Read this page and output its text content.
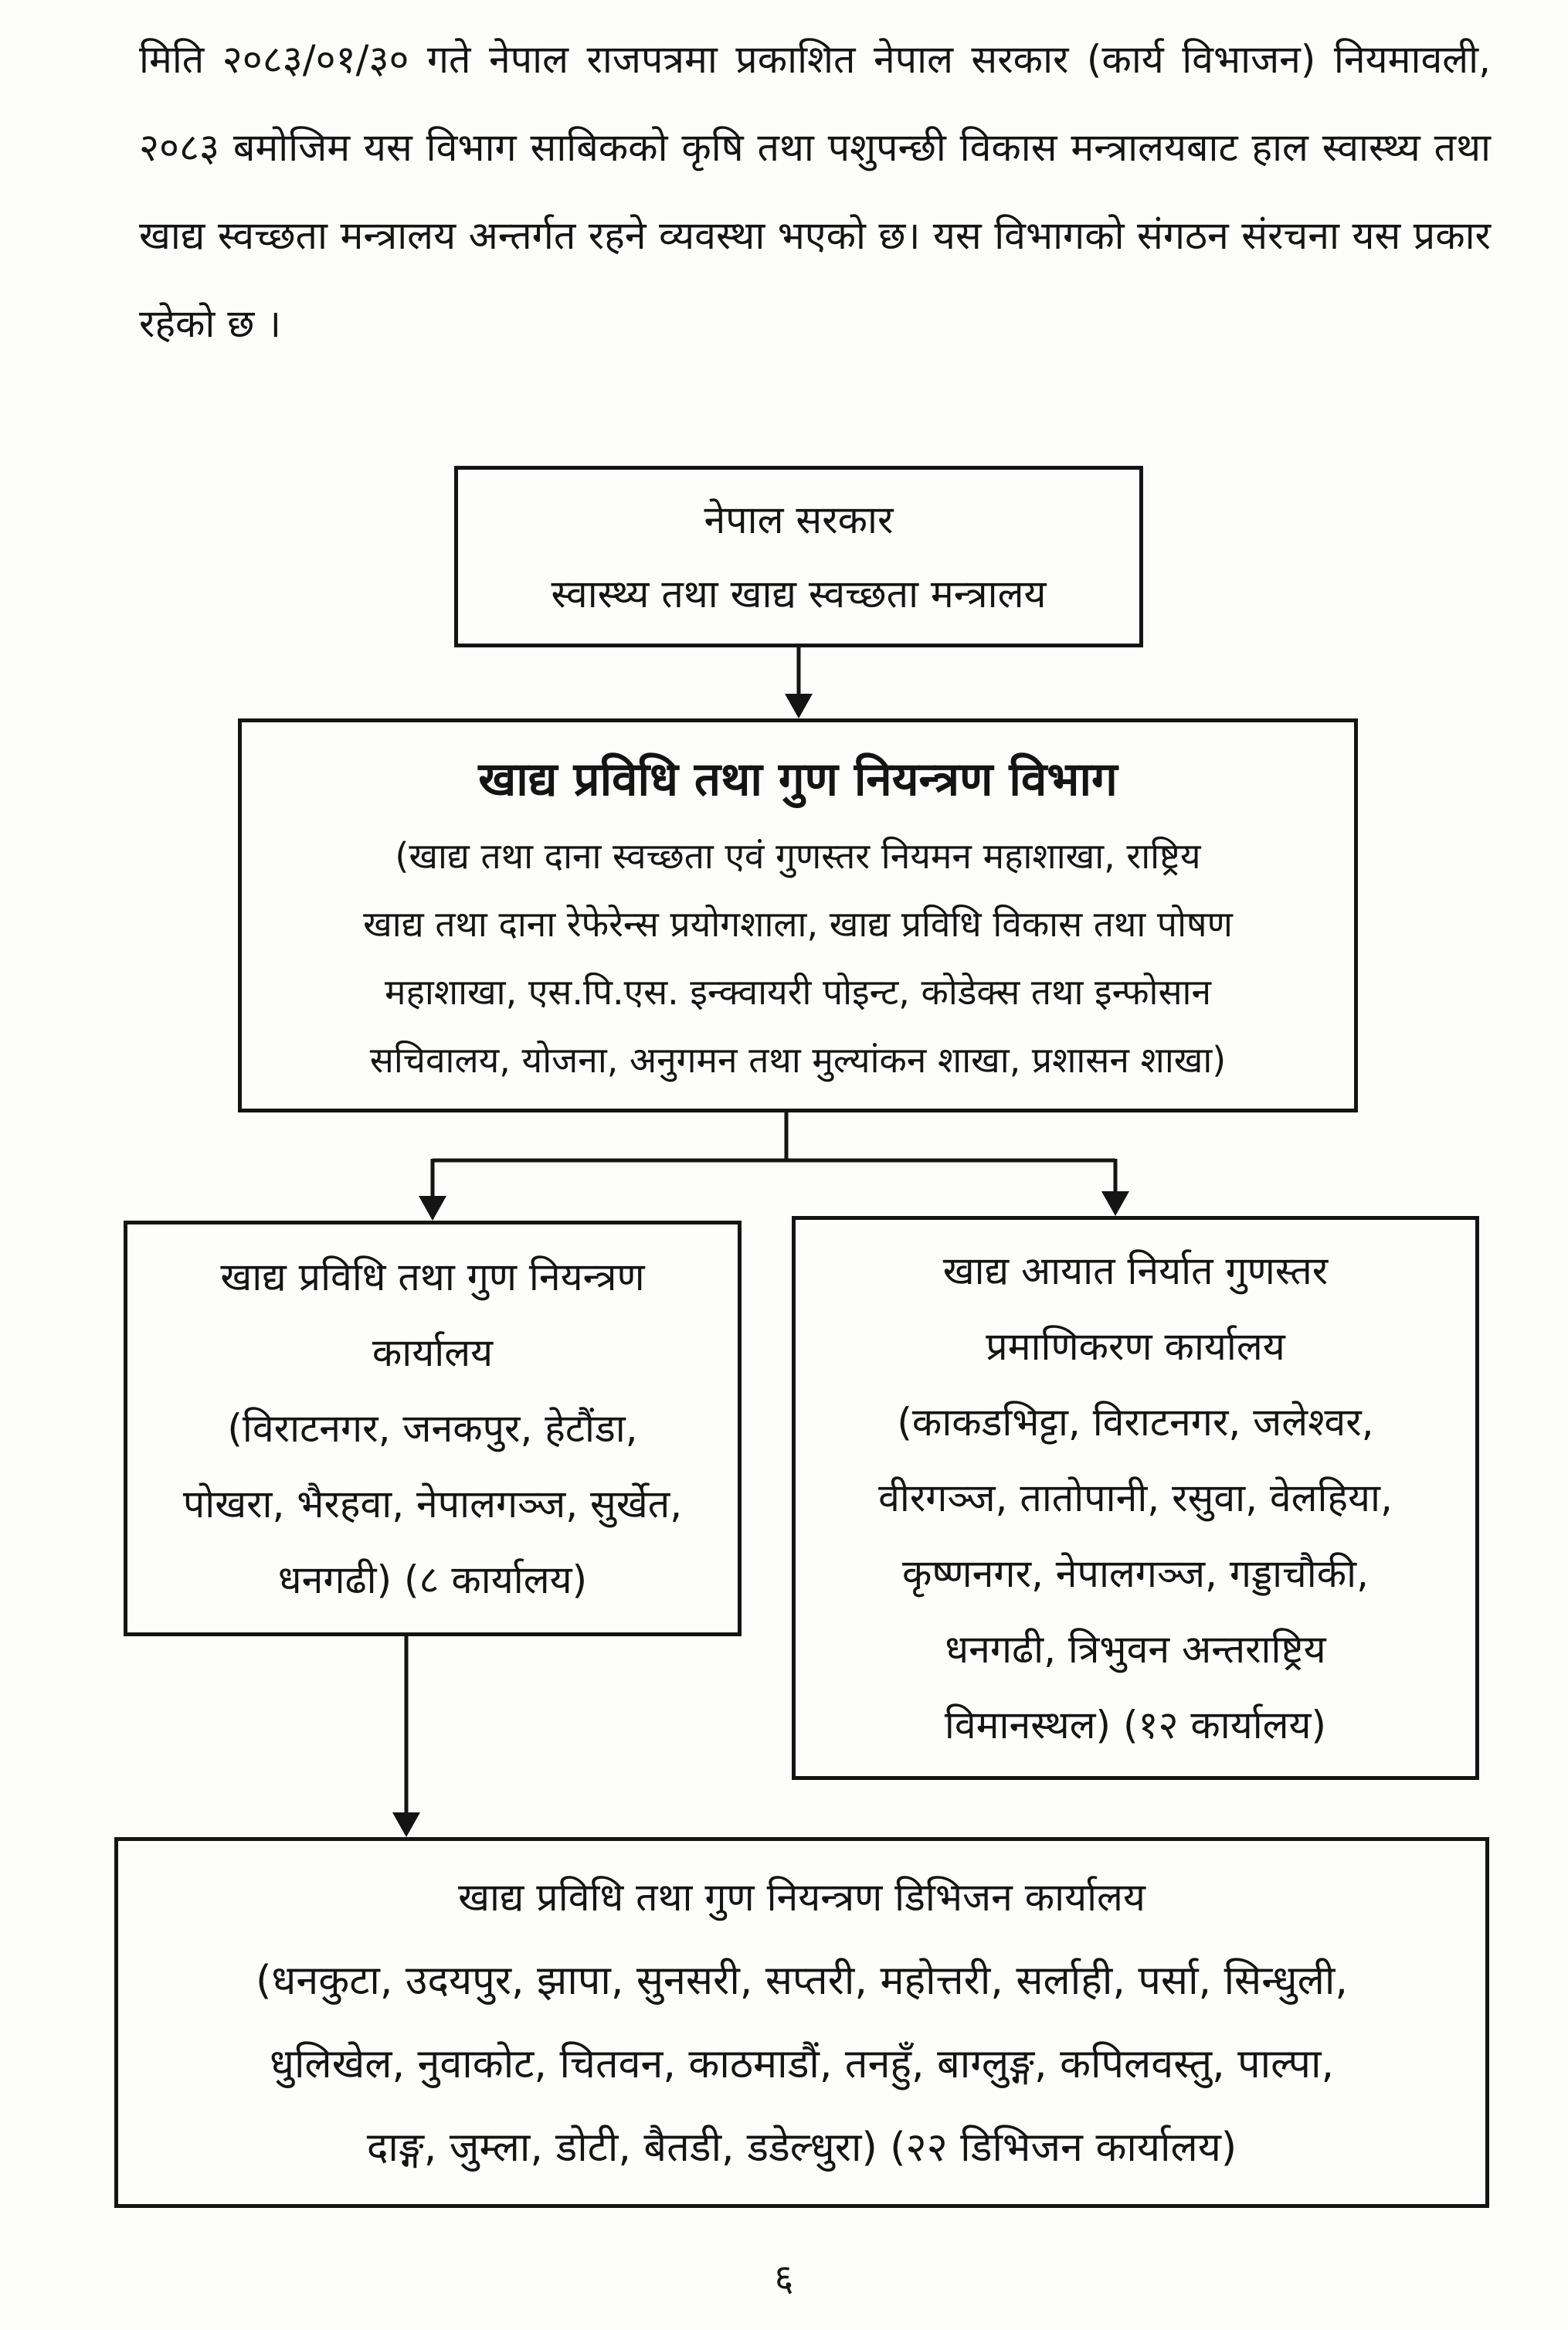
मिति २०८३/०१/३० गते नेपाल राजपत्रमा प्रकाशित नेपाल सरकार (कार्य विभाजन) नियमावली, २०८३ बमोजिम यस विभाग साबिकको कृषि तथा पशुपन्छी विकास मन्त्रालयबाट हाल स्वास्थ्य तथा खाद्य स्वच्छता मन्त्रालय अन्तर्गत रहने व्यवस्था भएको छ। यस विभागको संगठन संरचना यस प्रकार रहेको छ ।

नेपाल सरकार
स्वास्थ्य तथा खाद्य स्वच्छता मन्त्रालय
खाद्य प्रविधि तथा गुण नियन्त्रण विभाग
(खाद्य तथा दाना स्वच्छता एवं गुणस्तर नियमन महाशाखा, राष्ट्रिय
खाद्य तथा दाना रेफेरेन्स प्रयोगशाला, खाद्य प्रविधि विकास तथा पोषण
महाशाखा, एस.पि.एस. इन्क्वायरी पोइन्ट, कोडेक्स तथा इन्फोसान
सचिवालय, योजना, अनुगमन तथा मुल्यांकन शाखा, प्रशासन शाखा)
खाद्य प्रविधि तथा गुण नियन्त्रण
कार्यालय
(विराटनगर, जनकपुर, हेटौंडा,
पोखरा, भैरहवा, नेपालगञ्ज, सुर्खेत,
धनगढी) (८ कार्यालय)
खाद्य आयात निर्यात गुणस्तर
प्रमाणिकरण कार्यालय
(काकडभिट्टा, विराटनगर, जलेश्वर,
वीरगञ्ज, तातोपानी, रसुवा, वेलहिया,
कृष्णनगर, नेपालगञ्ज, गड्डाचौकी,
धनगढी, त्रिभुवन अन्तराष्ट्रिय
विमानस्थल) (१२ कार्यालय)
खाद्य प्रविधि तथा गुण नियन्त्रण डिभिजन कार्यालय
(धनकुटा, उदयपुर, झापा, सुनसरी, सप्तरी, महोत्तरी, सर्लाही, पर्सा, सिन्धुली,
धुलिखेल, नुवाकोट, चितवन, काठमाडौं, तनहुँ, बाग्लुङ्ग, कपिलवस्तु, पाल्पा,
दाङ्ग, जुम्ला, डोटी, बैतडी, डडेल्धुरा) (२२ डिभिजन कार्यालय)
६
